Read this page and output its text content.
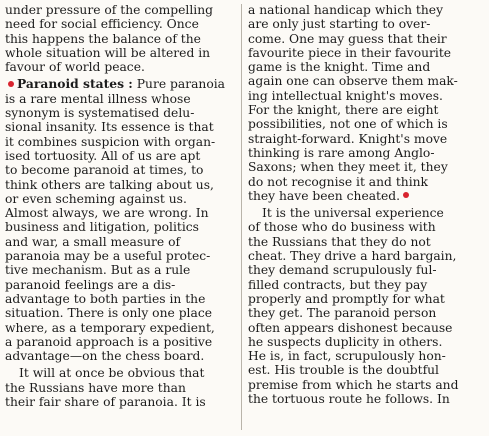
under pressure of the compelling
need for social efficiency. Once
this happens the balance of the
whole situation will be altered in
favour of world peace.
Paranoid states : Pure paranoia
is a rare mental illness whose
synonym is systematised delu-
sional insanity. Its essence is that
it combines suspicion with organ-
ised tortuosity. All of us are apt
to become paranoid at times, to
think others are talking about us,
or even scheming against us.
Almost always, we are wrong. In
business and litigation, politics
and war, a small measure of
paranoia may be a useful protec-
tive mechanism. But as a rule
paranoid feelings are a dis-
advantage to both parties in the
situation. There is only one place
where, as a temporary expedient,
a paranoid approach is a positive
advantage—on the chess board.
It will at once be obvious that
the Russians have more than
their fair share of paranoia. It is
a national handicap which they
are only just starting to over-
come. One may guess that their
favourite piece in their favourite
game is the knight. Time and
again one can observe them mak-
ing intellectual knight's moves.
For the knight, there are eight
possibilities, not one of which is
straight-forward. Knight's move
thinking is rare among Anglo-
Saxons; when they meet it, they
do not recognise it and think
they have been cheated.
It is the universal experience
of those who do business with
the Russians that they do not
cheat. They drive a hard bargain,
they demand scrupulously ful-
filled contracts, but they pay
properly and promptly for what
they get. The paranoid person
often appears dishonest because
he suspects duplicity in others.
He is, in fact, scrupulously hon-
est. His trouble is the doubtful
premise from which he starts and
the tortuous route he follows. In
